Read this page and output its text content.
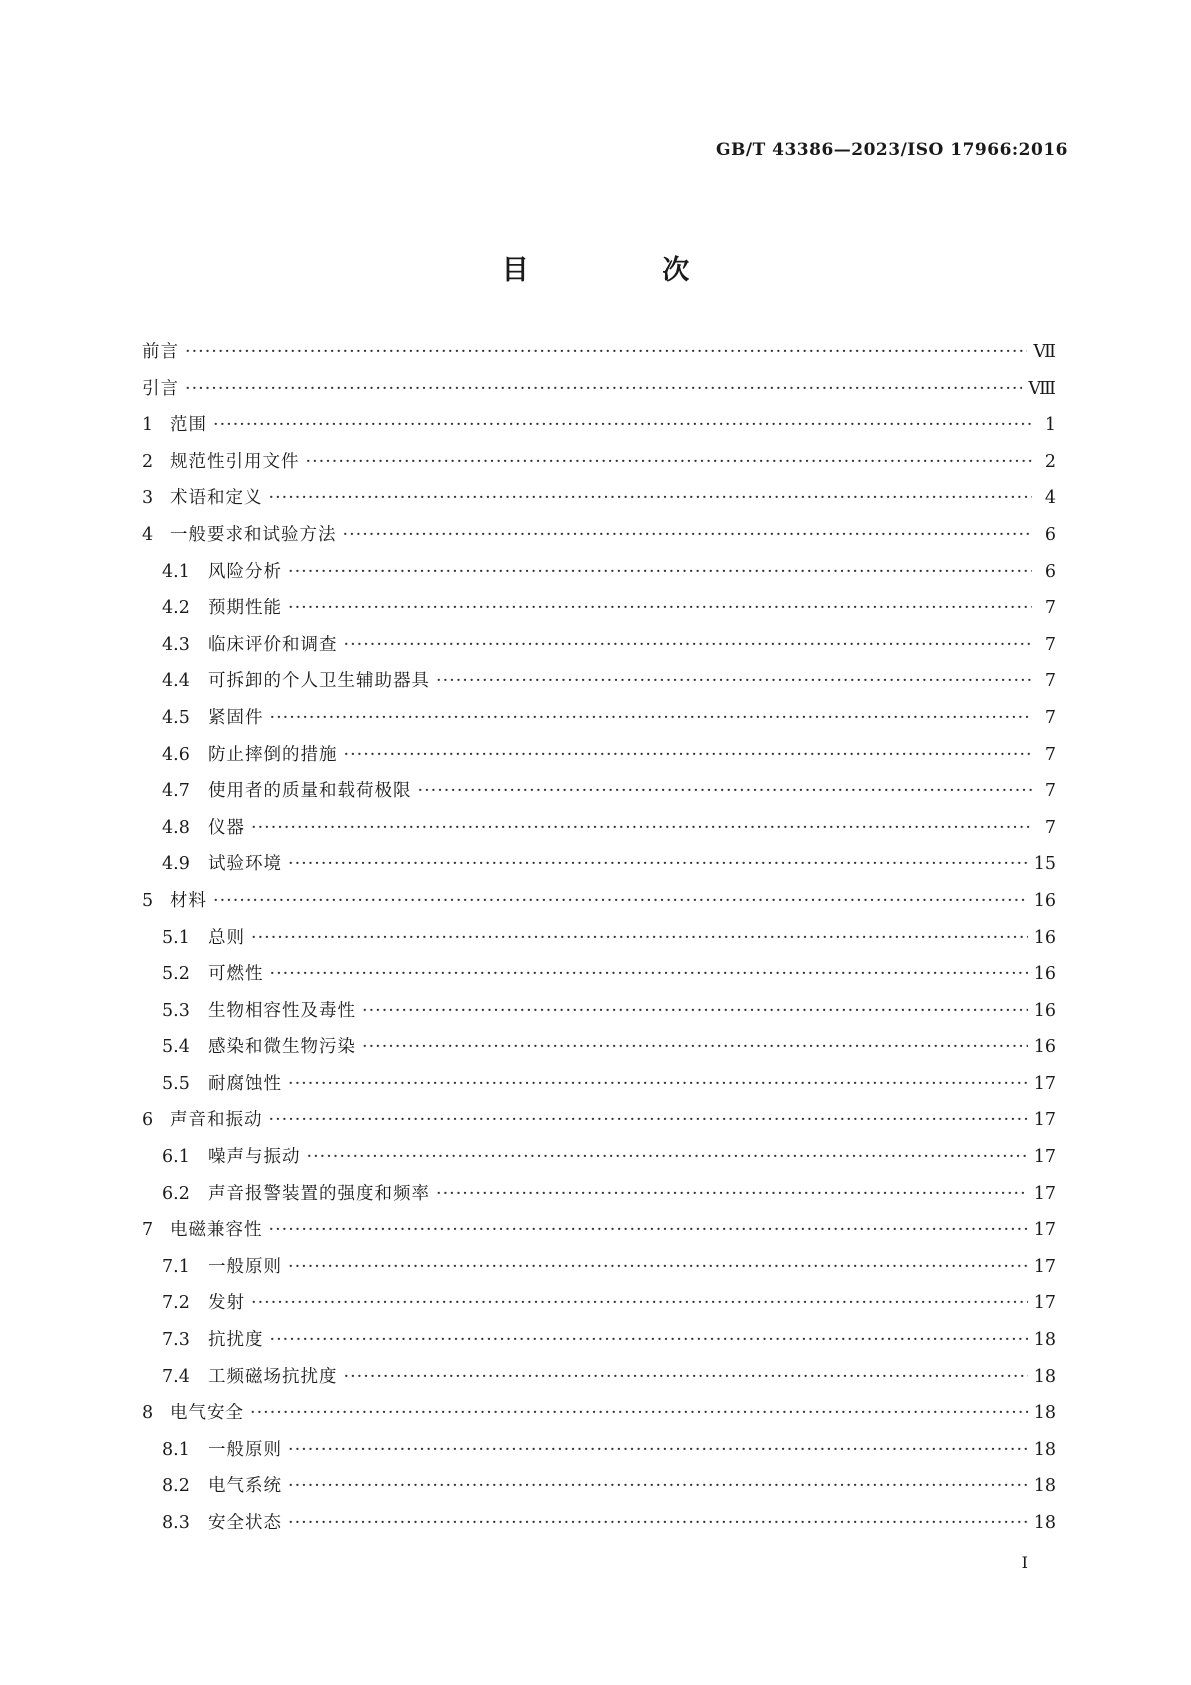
GB/T 43386—2023/ISO 17966:2016
目 次
前言 ·····	Ⅶ
引言 ·····	Ⅷ
1 范围 ·····	1
2 规范性引用文件 ·····	2
3 术语和定义 ·····	4
4 一般要求和试验方法 ·····	6
4.1	风险分析 ·····	6
4.2	预期性能 ·····	7
4.3	临床评价和调查 ·····	7
4.4	可拆卸的个人卫生辅助器具 ·····	7
4.5	紧固件 ·····	7
4.6	防止摔倒的措施 ·····	7
4.7	使用者的质量和载荷极限 ·····	7
4.8	仪器 ·····	7
4.9	试验环境 ·····	15
5 材料 ·····	16
5.1	总则 ·····	16
5.2	可燃性 ·····	16
5.3	生物相容性及毒性 ·····	16
5.4	感染和微生物污染 ·····	16
5.5	耐腐蚀性 ·····	17
6 声音和振动 ·····	17
6.1	噪声与振动 ·····	17
6.2	声音报警装置的强度和频率 ·····	17
7 电磁兼容性 ·····	17
7.1	一般原则 ·····	17
7.2	发射 ·····	17
7.3	抗扰度 ·····	18
7.4	工频磁场抗扰度 ·····	18
8 电气安全 ·····	18
8.1	一般原则 ·····	18
8.2	电气系统 ·····	18
8.3	安全状态 ·····	18
I
